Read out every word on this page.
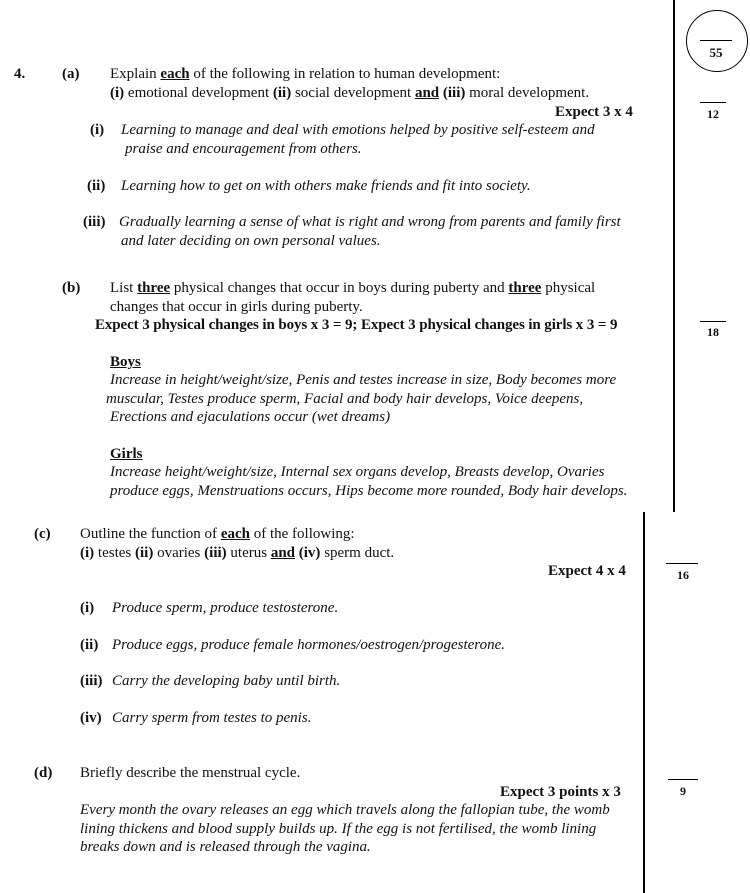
55
4. (a) Explain each of the following in relation to human development:
(i) emotional development (ii) social development and (iii) moral development.
Expect 3 x 4	12
(i) Learning to manage and deal with emotions helped by positive self-esteem and
praise and encouragement from others.
(ii) Learning how to get on with others make friends and fit into society.
(iii) Gradually learning a sense of what is right and wrong from parents and family first
and later deciding on own personal values.
(b) List three physical changes that occur in boys during puberty and three physical
changes that occur in girls during puberty.
Expect 3 physical changes in boys x 3 = 9; Expect 3 physical changes in girls x 3 = 9	18
Boys
Increase in height/weight/size, Penis and testes increase in size, Body becomes more
muscular, Testes produce sperm, Facial and body hair develops, Voice deepens,
Erections and ejaculations occur (wet dreams)
Girls
Increase height/weight/size, Internal sex organs develop, Breasts develop, Ovaries
produce eggs, Menstruations occurs, Hips become more rounded, Body hair develops.
(c) Outline the function of each of the following:
(i) testes (ii) ovaries (iii) uterus and (iv) sperm duct.
Expect 4 x 4	16
(i) Produce sperm, produce testosterone.
(ii) Produce eggs, produce female hormones/oestrogen/progesterone.
(iii) Carry the developing baby until birth.
(iv) Carry sperm from testes to penis.
(d) Briefly describe the menstrual cycle.
Expect 3 points x 3	9
Every month the ovary releases an egg which travels along the fallopian tube, the womb
lining thickens and blood supply builds up. If the egg is not fertilised, the womb lining
breaks down and is released through the vagina.
